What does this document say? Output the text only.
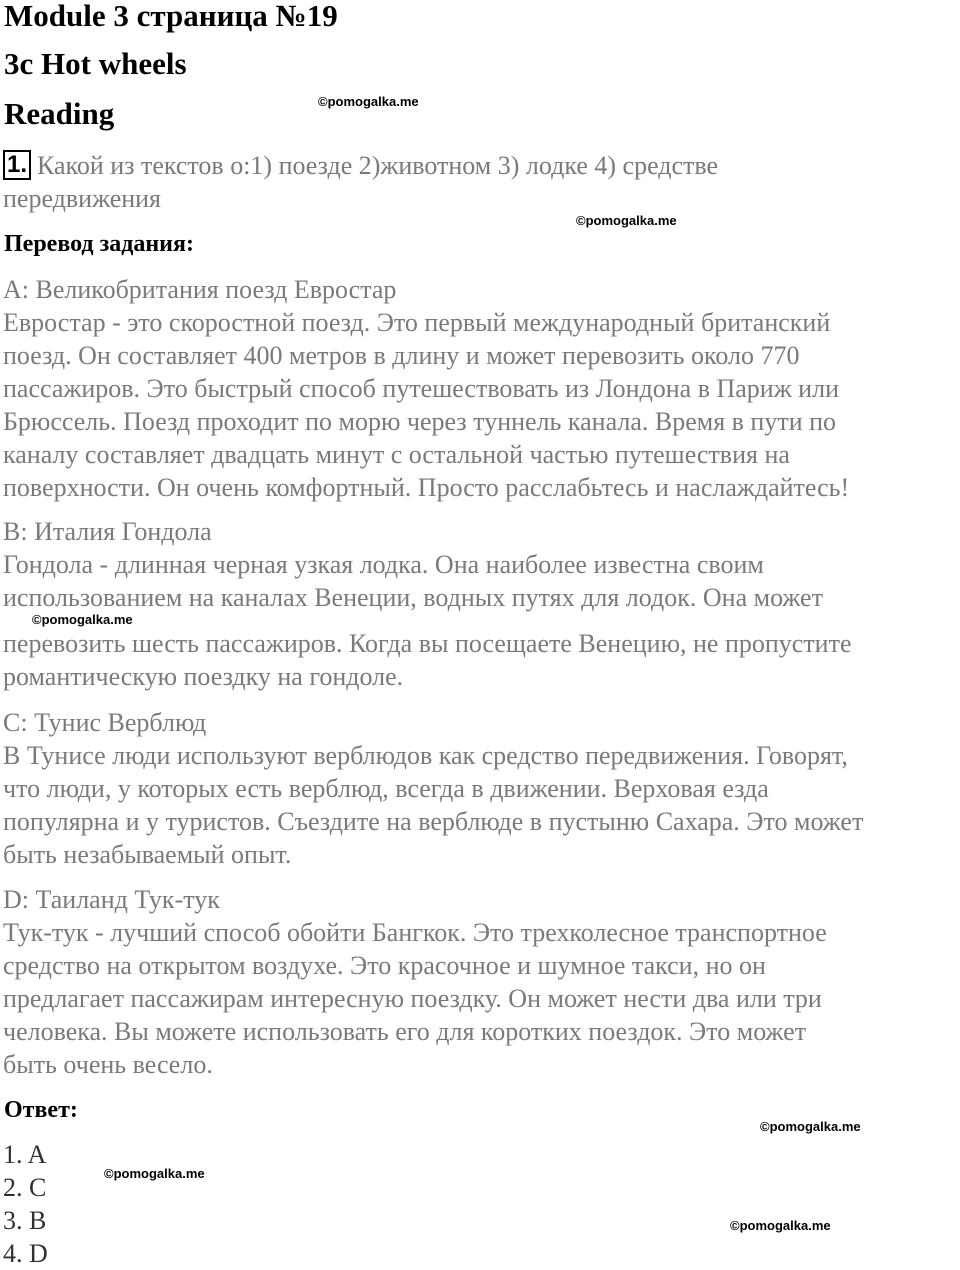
Module 3 страница №19
3c Hot wheels
Reading
1. Какой из текстов о:1) поезде 2)животном 3) лодке 4) средстве
передвижения
Перевод задания:
A: Великобритания поезд Евростар
Евростар - это скоростной поезд. Это первый международный британский
поезд. Он составляет 400 метров в длину и может перевозить около 770
пассажиров. Это быстрый способ путешествовать из Лондона в Париж или
Брюссель. Поезд проходит по морю через туннель канала. Время в пути по
каналу составляет двадцать минут с остальной частью путешествия на
поверхности. Он очень комфортный. Просто расслабьтесь и наслаждайтесь!
B: Италия Гондола
Гондола - длинная черная узкая лодка. Она наиболее известна своим
использованием на каналах Венеции, водных путях для лодок. Она может
перевозить шесть пассажиров. Когда вы посещаете Венецию, не пропустите
романтическую поездку на гондоле.
C: Тунис Верблюд
В Тунисе люди используют верблюдов как средство передвижения. Говорят,
что люди, у которых есть верблюд, всегда в движении. Верховая езда
популярна и у туристов. Съездите на верблюде в пустыню Сахара. Это может
быть незабываемый опыт.
D: Таиланд Тук-тук
Тук-тук - лучший способ обойти Бангкок. Это трехколесное транспортное
средство на открытом воздухе. Это красочное и шумное такси, но он
предлагает пассажирам интересную поездку. Он может нести два или три
человека. Вы можете использовать его для коротких поездок. Это может
быть очень весело.
Ответ:
1. A
2. C
3. B
4. D
©pomogalka.me
©pomogalka.me
©pomogalka.me
©pomogalka.me
©pomogalka.me
©pomogalka.me
